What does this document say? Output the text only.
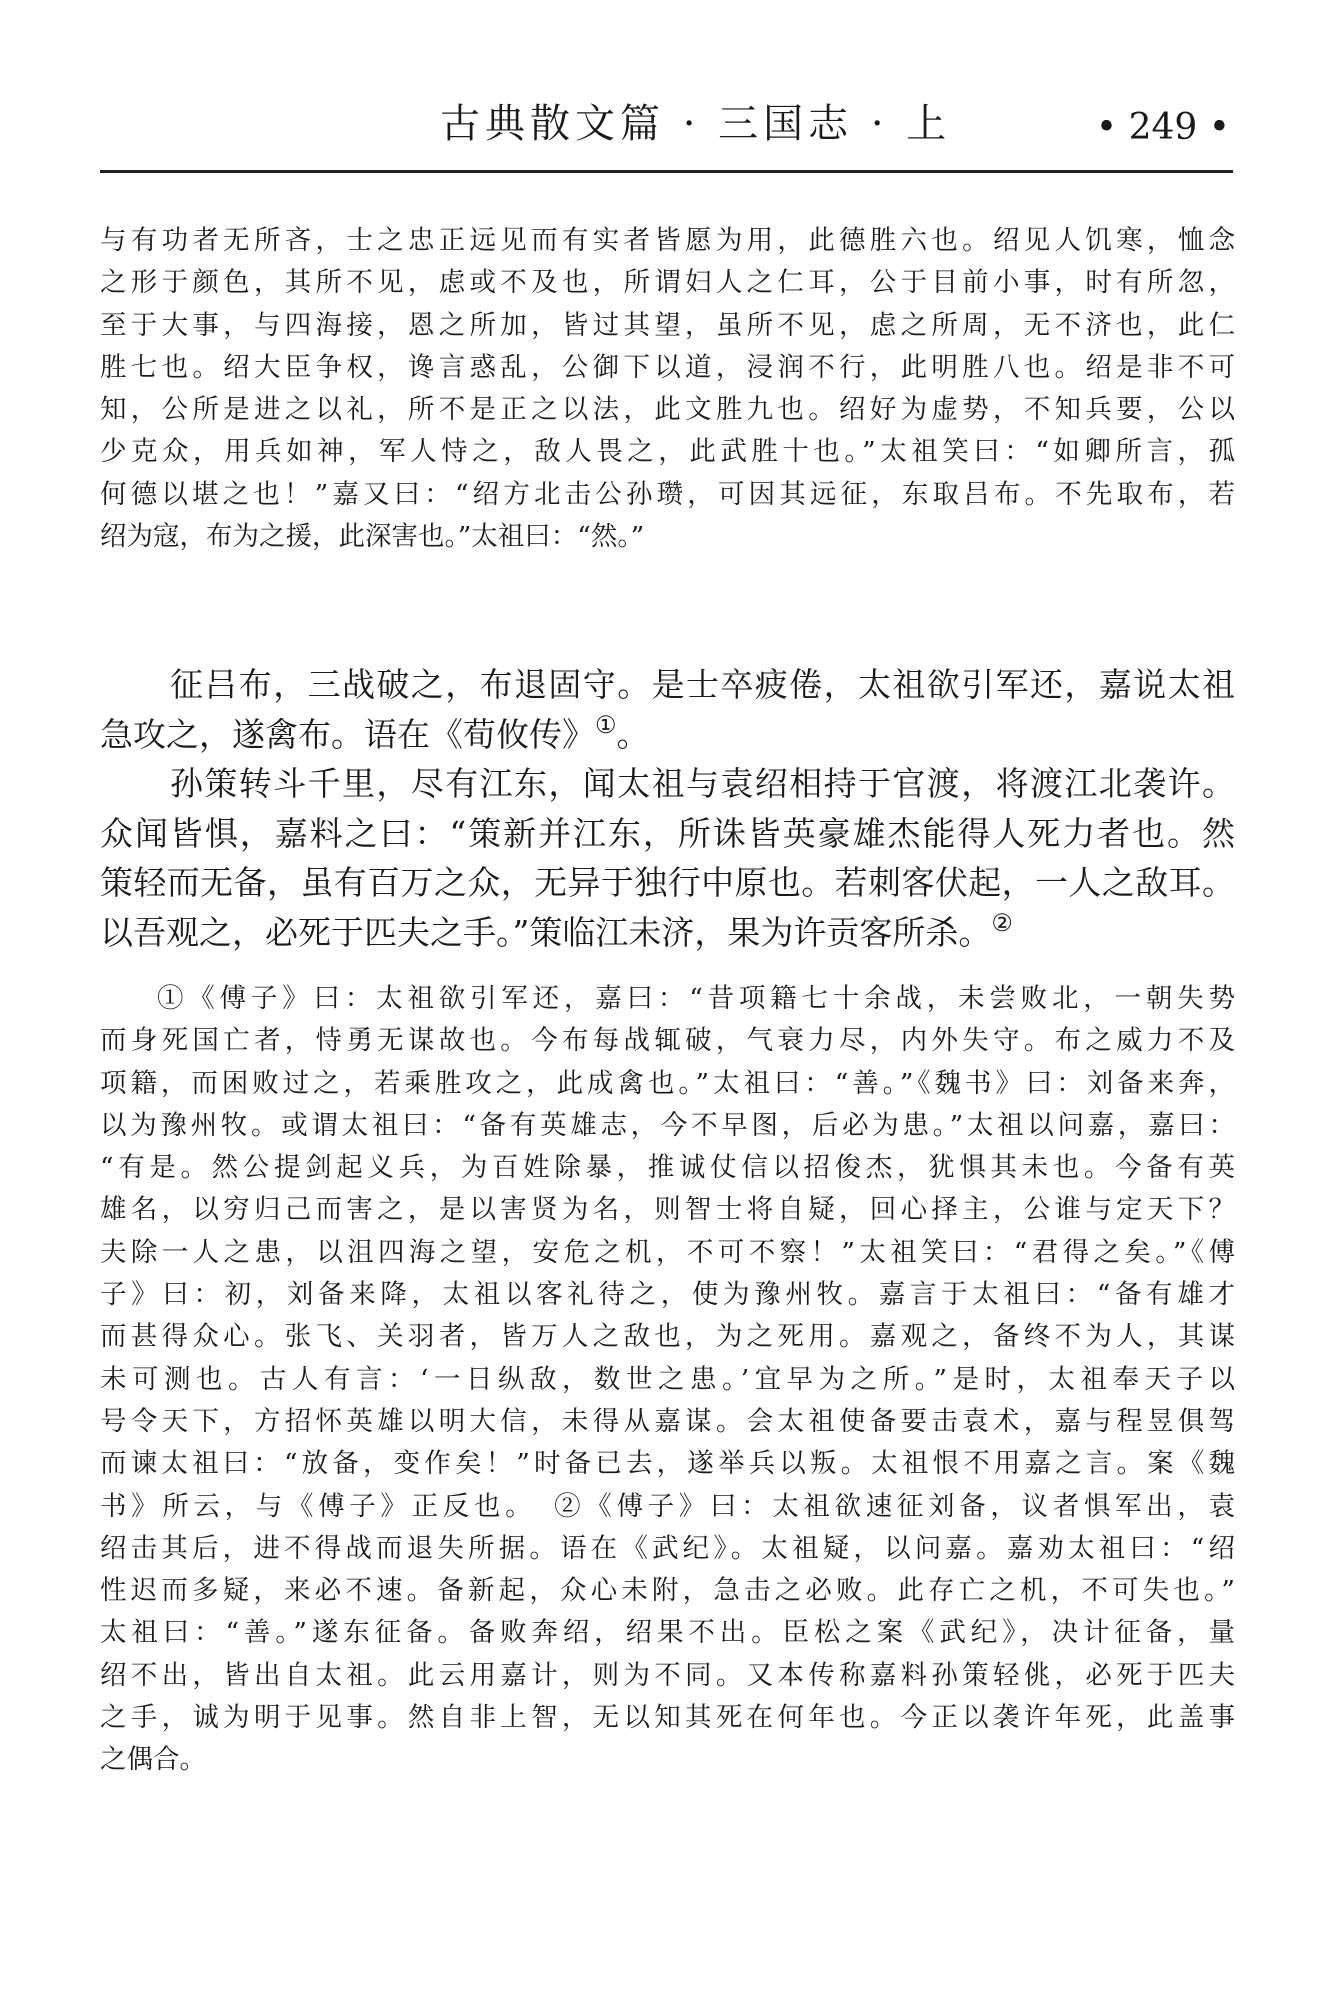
古典散文篇 · 三国志 · 上	• 249 •
与有功者无所吝，士之忠正远见而有实者皆愿为用，此德胜六也。绍见人饥寒，恤念
之形于颜色，其所不见，虑或不及也，所谓妇人之仁耳，公于目前小事，时有所忽，
至于大事，与四海接，恩之所加，皆过其望，虽所不见，虑之所周，无不济也，此仁
胜七也。绍大臣争权，谗言惑乱，公御下以道，浸润不行，此明胜八也。绍是非不可
知，公所是进之以礼，所不是正之以法，此文胜九也。绍好为虚势，不知兵要，公以
少克众，用兵如神，军人恃之，敌人畏之，此武胜十也。”太祖笑曰：“如卿所言，孤
何德以堪之也！”嘉又曰：“绍方北击公孙瓒，可因其远征，东取吕布。不先取布，若
绍为寇，布为之援，此深害也。”太祖曰：“然。”
征吕布，三战破之，布退固守。是士卒疲倦，太祖欲引军还，嘉说太祖
急攻之，遂禽布。语在《荀攸传》①。
孙策转斗千里，尽有江东，闻太祖与袁绍相持于官渡，将渡江北袭许。
众闻皆惧，嘉料之曰：“策新并江东，所诛皆英豪雄杰能得人死力者也。然
策轻而无备，虽有百万之众，无异于独行中原也。若刺客伏起，一人之敌耳。
以吾观之，必死于匹夫之手。”策临江未济，果为许贡客所杀。②
①《傅子》曰：太祖欲引军还，嘉曰：“昔项籍七十余战，未尝败北，一朝失势
而身死国亡者，恃勇无谋故也。今布每战辄破，气衰力尽，内外失守。布之威力不及
项籍，而困败过之，若乘胜攻之，此成禽也。”太祖曰：“善。”《魏书》曰：刘备来奔，
以为豫州牧。或谓太祖曰：“备有英雄志，今不早图，后必为患。”太祖以问嘉，嘉曰：
“有是。然公提剑起义兵，为百姓除暴，推诚仗信以招俊杰，犹惧其未也。今备有英
雄名，以穷归己而害之，是以害贤为名，则智士将自疑，回心择主，公谁与定天下？
夫除一人之患，以沮四海之望，安危之机，不可不察！”太祖笑曰：“君得之矣。”《傅
子》曰：初，刘备来降，太祖以客礼待之，使为豫州牧。嘉言于太祖曰：“备有雄才
而甚得众心。张飞、关羽者，皆万人之敌也，为之死用。嘉观之，备终不为人，其谋
未可测也。古人有言：‘一日纵敌，数世之患。’宜早为之所。”是时，太祖奉天子以
号令天下，方招怀英雄以明大信，未得从嘉谋。会太祖使备要击袁术，嘉与程昱俱驾
而谏太祖曰：“放备，变作矣！”时备已去，遂举兵以叛。太祖恨不用嘉之言。案《魏
书》所云，与《傅子》正反也。　②《傅子》曰：太祖欲速征刘备，议者惧军出，袁
绍击其后，进不得战而退失所据。语在《武纪》。太祖疑，以问嘉。嘉劝太祖曰：“绍
性迟而多疑，来必不速。备新起，众心未附，急击之必败。此存亡之机，不可失也。”
太祖曰：“善。”遂东征备。备败奔绍，绍果不出。臣松之案《武纪》，决计征备，量
绍不出，皆出自太祖。此云用嘉计，则为不同。又本传称嘉料孙策轻佻，必死于匹夫
之手，诚为明于见事。然自非上智，无以知其死在何年也。今正以袭许年死，此盖事
之偶合。
